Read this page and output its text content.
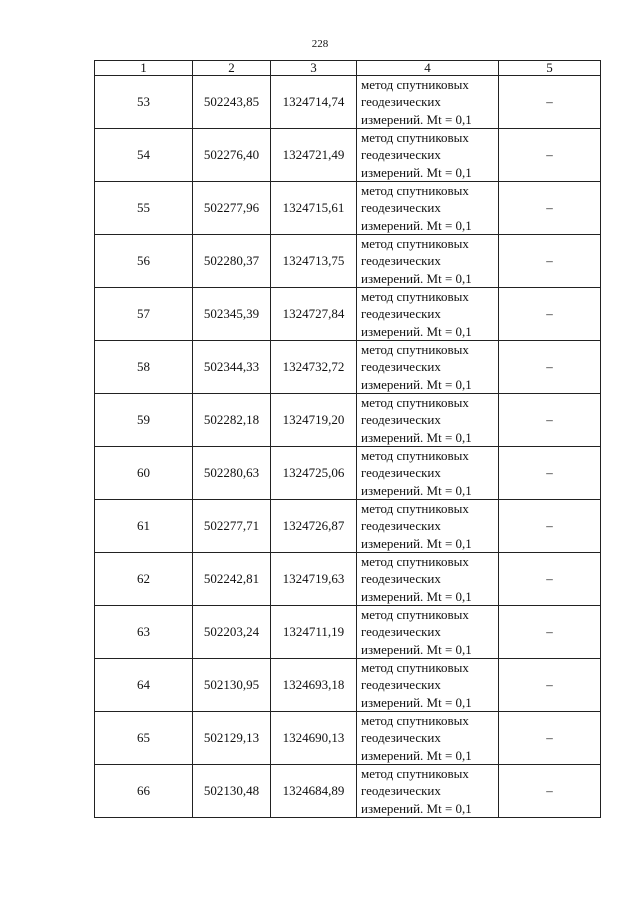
228
1	2	3	4	5
53	502243,85	1324714,74	метод спутниковых
геодезических
измерений. Mt = 0,1	–
54	502276,40	1324721,49	метод спутниковых
геодезических
измерений. Mt = 0,1	–
55	502277,96	1324715,61	метод спутниковых
геодезических
измерений. Mt = 0,1	–
56	502280,37	1324713,75	метод спутниковых
геодезических
измерений. Mt = 0,1	–
57	502345,39	1324727,84	метод спутниковых
геодезических
измерений. Mt = 0,1	–
58	502344,33	1324732,72	метод спутниковых
геодезических
измерений. Mt = 0,1	–
59	502282,18	1324719,20	метод спутниковых
геодезических
измерений. Mt = 0,1	–
60	502280,63	1324725,06	метод спутниковых
геодезических
измерений. Mt = 0,1	–
61	502277,71	1324726,87	метод спутниковых
геодезических
измерений. Mt = 0,1	–
62	502242,81	1324719,63	метод спутниковых
геодезических
измерений. Mt = 0,1	–
63	502203,24	1324711,19	метод спутниковых
геодезических
измерений. Mt = 0,1	–
64	502130,95	1324693,18	метод спутниковых
геодезических
измерений. Mt = 0,1	–
65	502129,13	1324690,13	метод спутниковых
геодезических
измерений. Mt = 0,1	–
66	502130,48	1324684,89	метод спутниковых
геодезических
измерений. Mt = 0,1	–
